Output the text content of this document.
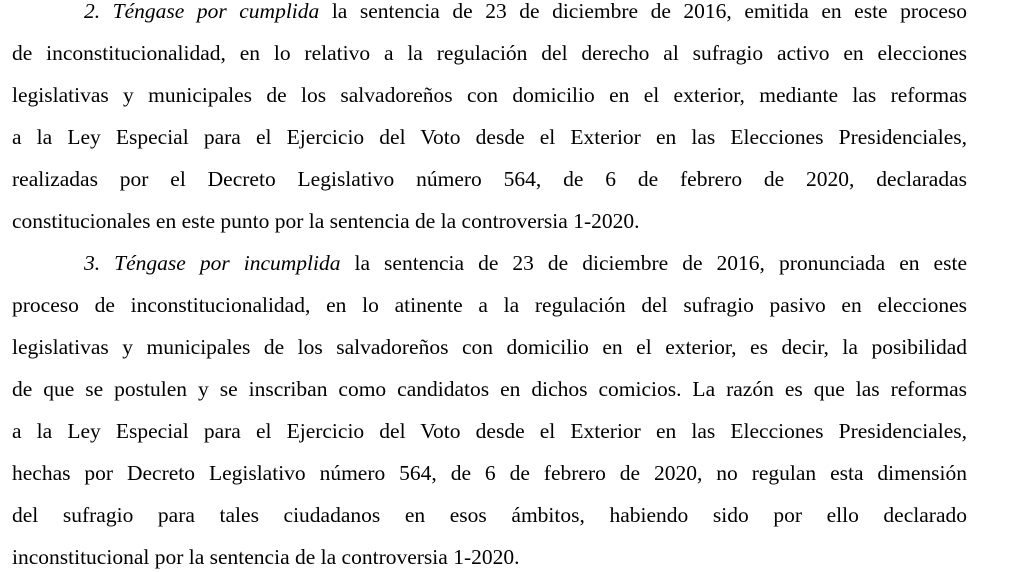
2. Téngase por cumplida la sentencia de 23 de diciembre de 2016, emitida en este proceso
de inconstitucionalidad, en lo relativo a la regulación del derecho al sufragio activo en elecciones
legislativas y municipales de los salvadoreños con domicilio en el exterior, mediante las reformas
a la Ley Especial para el Ejercicio del Voto desde el Exterior en las Elecciones Presidenciales,
realizadas por el Decreto Legislativo número 564, de 6 de febrero de 2020, declaradas
constitucionales en este punto por la sentencia de la controversia 1-2020.
3. Téngase por incumplida la sentencia de 23 de diciembre de 2016, pronunciada en este
proceso de inconstitucionalidad, en lo atinente a la regulación del sufragio pasivo en elecciones
legislativas y municipales de los salvadoreños con domicilio en el exterior, es decir, la posibilidad
de que se postulen y se inscriban como candidatos en dichos comicios. La razón es que las reformas
a la Ley Especial para el Ejercicio del Voto desde el Exterior en las Elecciones Presidenciales,
hechas por Decreto Legislativo número 564, de 6 de febrero de 2020, no regulan esta dimensión
del sufragio para tales ciudadanos en esos ámbitos, habiendo sido por ello declarado
inconstitucional por la sentencia de la controversia 1-2020.
